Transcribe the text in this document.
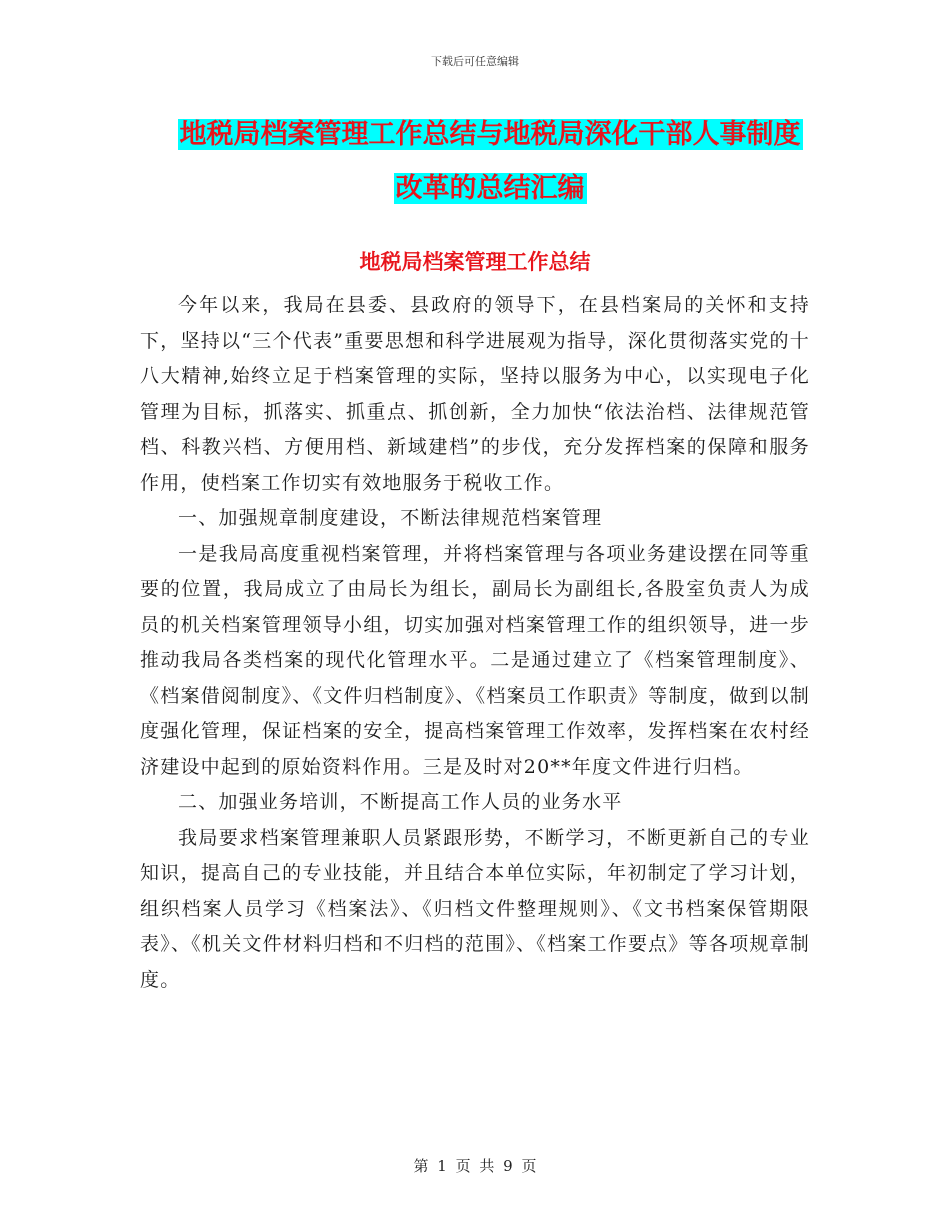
下载后可任意编辑
地税局档案管理工作总结与地税局深化干部人事制度
改革的总结汇编
地税局档案管理工作总结

今年以来，我局在县委、县政府的领导下，在县档案局的关怀和支持下，坚持以“三个代表”重要思想和科学进展观为指导，深化贯彻落实党的十八大精神,始终立足于档案管理的实际，坚持以服务为中心，以实现电子化管理为目标，抓落实、抓重点、抓创新，全力加快“依法治档、法律规范管档、科教兴档、方便用档、新域建档”的步伐，充分发挥档案的保障和服务作用，使档案工作切实有效地服务于税收工作。

一、加强规章制度建设，不断法律规范档案管理

一是我局高度重视档案管理，并将档案管理与各项业务建设摆在同等重要的位置，我局成立了由局长为组长，副局长为副组长,各股室负责人为成员的机关档案管理领导小组，切实加强对档案管理工作的组织领导，进一步推动我局各类档案的现代化管理水平。二是通过建立了《档案管理制度》、《档案借阅制度》、《文件归档制度》、《档案员工作职责》等制度，做到以制度强化管理，保证档案的安全，提高档案管理工作效率，发挥档案在农村经济建设中起到的原始资料作用。三是及时对20**年度文件进行归档。

二、加强业务培训，不断提高工作人员的业务水平

我局要求档案管理兼职人员紧跟形势，不断学习，不断更新自己的专业知识，提高自己的专业技能，并且结合本单位实际，年初制定了学习计划，组织档案人员学习《档案法》、《归档文件整理规则》、《文书档案保管期限表》、《机关文件材料归档和不归档的范围》、《档案工作要点》等各项规章制度。

第 1 页 共 9 页
